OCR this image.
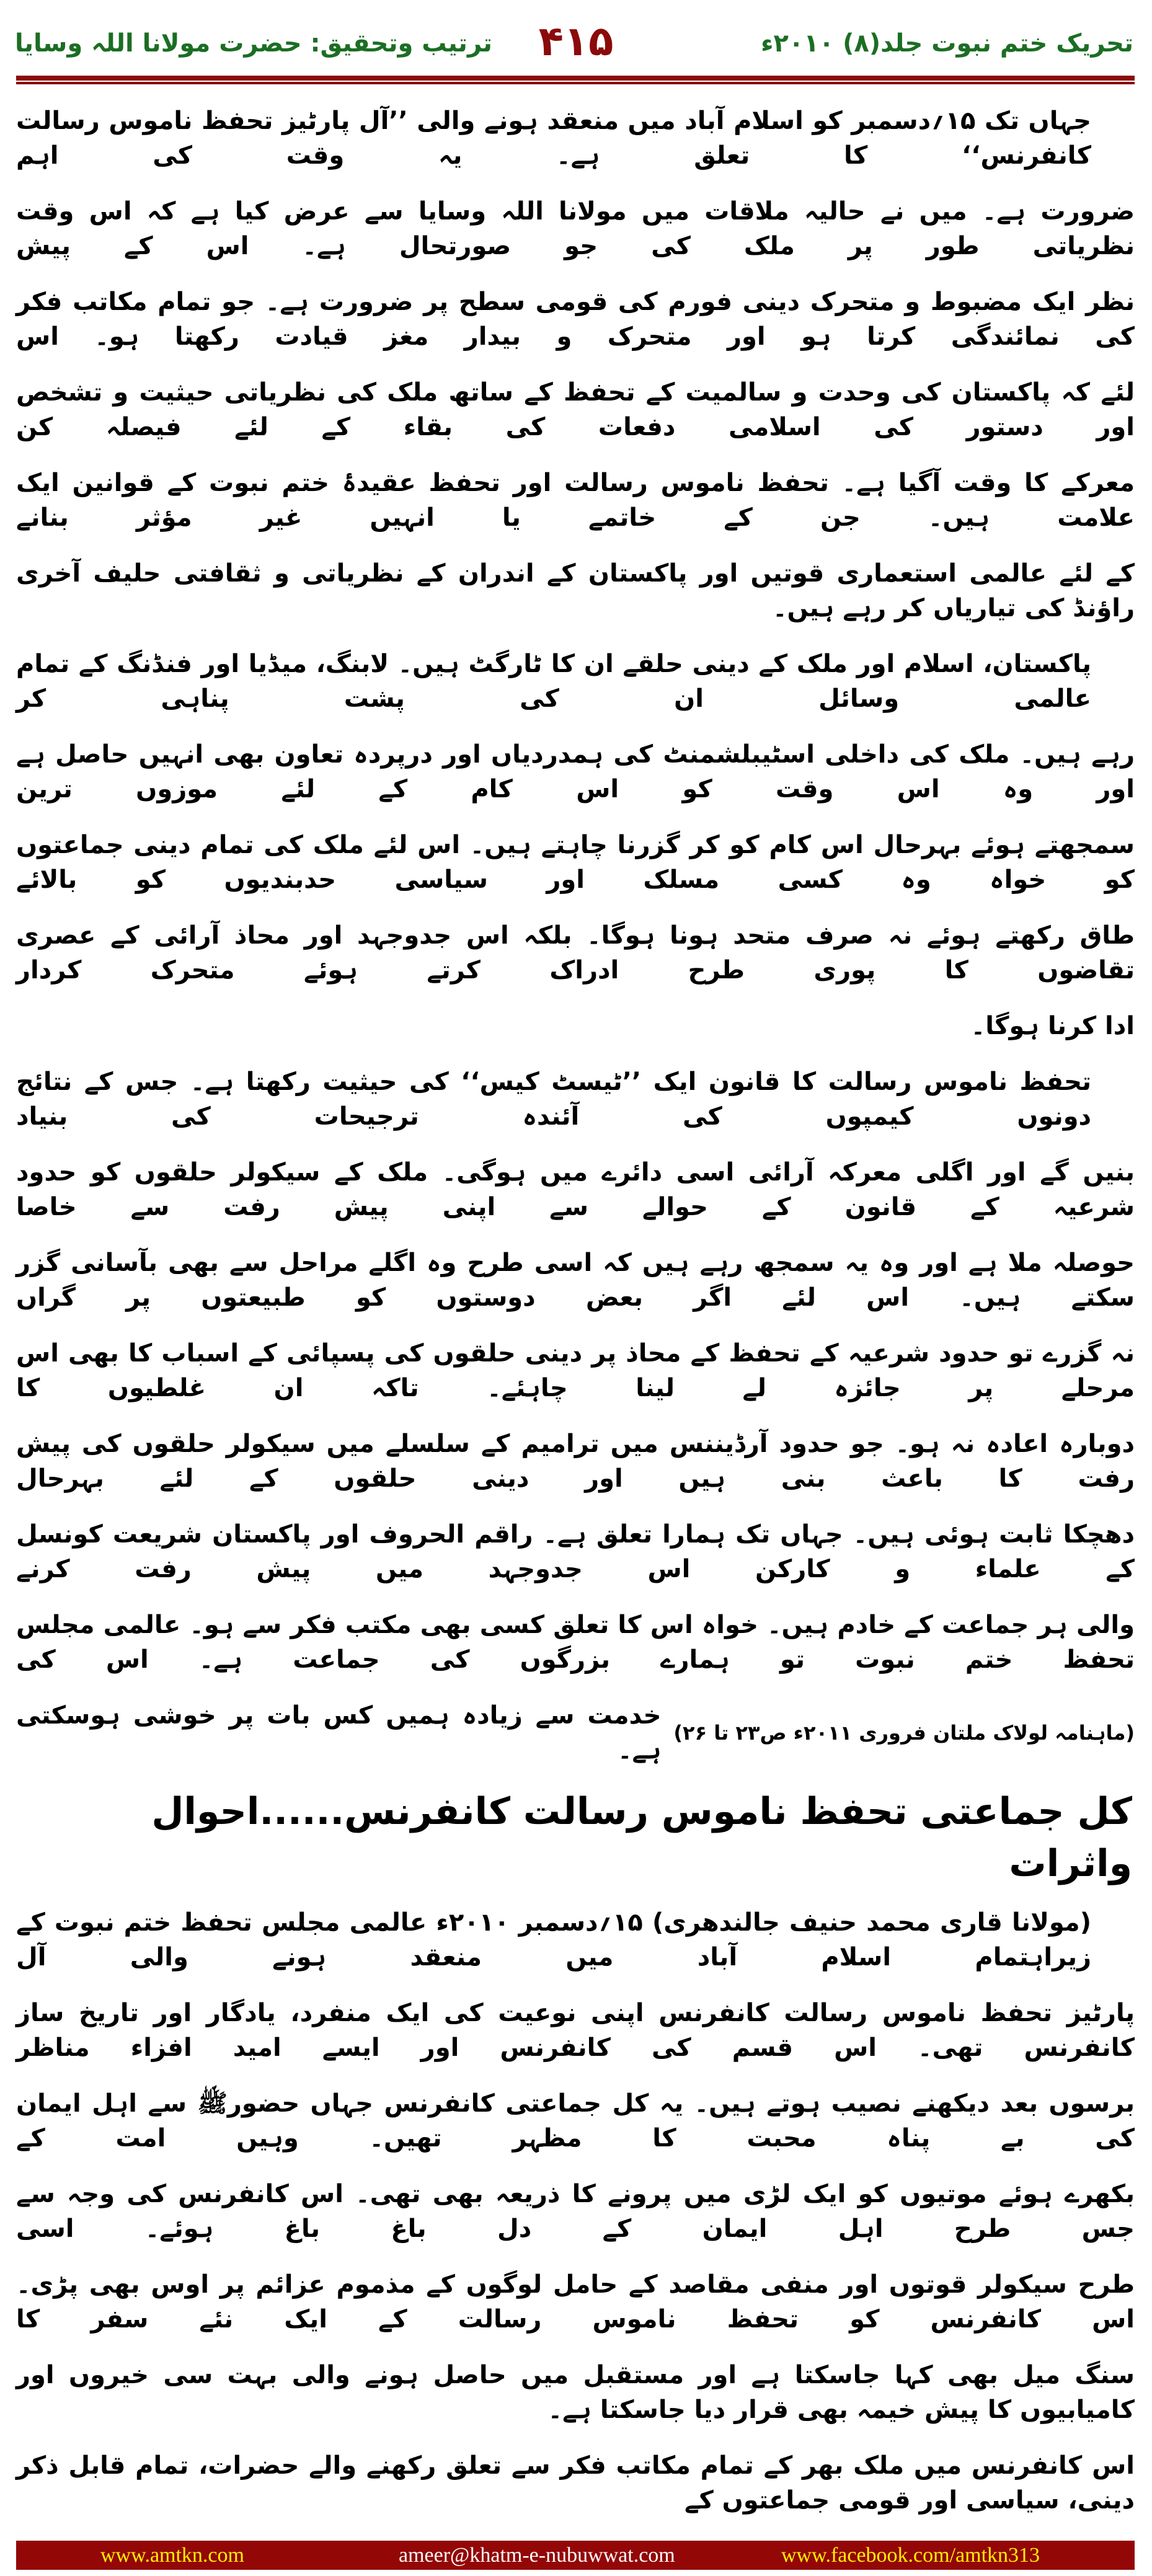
تحریک ختم نبوت جلد(۸) ۲۰۱۰ء
۴۱۵
ترتیب وتحقیق: حضرت مولانا اللہ وسایا
جہاں تک ۱۵؍دسمبر کو اسلام آباد میں منعقد ہونے والی ’’آل پارٹیز تحفظ ناموس رسالت کانفرنس‘‘ کا تعلق ہے۔ یہ وقت کی اہم
ضرورت ہے۔ میں نے حالیہ ملاقات میں مولانا اللہ وسایا سے عرض کیا ہے کہ اس وقت نظریاتی طور پر ملک کی جو صورتحال ہے۔ اس کے پیش
نظر ایک مضبوط و متحرک دینی فورم کی قومی سطح پر ضرورت ہے۔ جو تمام مکاتب فکر کی نمائندگی کرتا ہو اور متحرک و بیدار مغز قیادت رکھتا ہو۔ اس
لئے کہ پاکستان کی وحدت و سالمیت کے تحفظ کے ساتھ ملک کی نظریاتی حیثیت و تشخص اور دستور کی اسلامی دفعات کی بقاء کے لئے فیصلہ کن
معرکے کا وقت آگیا ہے۔ تحفظ ناموس رسالت اور تحفظ عقیدۂ ختم نبوت کے قوانین ایک علامت ہیں۔ جن کے خاتمے یا انہیں غیر مؤثر بنانے
کے لئے عالمی استعماری قوتیں اور پاکستان کے اندران کے نظریاتی و ثقافتی حلیف آخری راؤنڈ کی تیاریاں کر رہے ہیں۔
پاکستان، اسلام اور ملک کے دینی حلقے ان کا ٹارگٹ ہیں۔ لابنگ، میڈیا اور فنڈنگ کے تمام عالمی وسائل ان کی پشت پناہی کر
رہے ہیں۔ ملک کی داخلی اسٹیبلشمنٹ کی ہمدردیاں اور درپردہ تعاون بھی انہیں حاصل ہے اور وہ اس وقت کو اس کام کے لئے موزوں ترین
سمجھتے ہوئے بہرحال اس کام کو کر گزرنا چاہتے ہیں۔ اس لئے ملک کی تمام دینی جماعتوں کو خواہ وہ کسی مسلک اور سیاسی حدبندیوں کو بالائے
طاق رکھتے ہوئے نہ صرف متحد ہونا ہوگا۔ بلکہ اس جدوجہد اور محاذ آرائی کے عصری تقاضوں کا پوری طرح ادراک کرتے ہوئے متحرک کردار
ادا کرنا ہوگا۔
تحفظ ناموس رسالت کا قانون ایک ’’ٹیسٹ کیس‘‘ کی حیثیت رکھتا ہے۔ جس کے نتائج دونوں کیمپوں کی آئندہ ترجیحات کی بنیاد
بنیں گے اور اگلی معرکہ آرائی اسی دائرے میں ہوگی۔ ملک کے سیکولر حلقوں کو حدود شرعیہ کے قانون کے حوالے سے اپنی پیش رفت سے خاصا
حوصلہ ملا ہے اور وہ یہ سمجھ رہے ہیں کہ اسی طرح وہ اگلے مراحل سے بھی بآسانی گزر سکتے ہیں۔ اس لئے اگر بعض دوستوں کو طبیعتوں پر گراں
نہ گزرے تو حدود شرعیہ کے تحفظ کے محاذ پر دینی حلقوں کی پسپائی کے اسباب کا بھی اس مرحلے پر جائزہ لے لینا چاہئے۔ تاکہ ان غلطیوں کا
دوبارہ اعادہ نہ ہو۔ جو حدود آرڈیننس میں ترامیم کے سلسلے میں سیکولر حلقوں کی پیش رفت کا باعث بنی ہیں اور دینی حلقوں کے لئے بہرحال
دھچکا ثابت ہوئی ہیں۔ جہاں تک ہمارا تعلق ہے۔ راقم الحروف اور پاکستان شریعت کونسل کے علماء و کارکن اس جدوجہد میں پیش رفت کرنے
والی ہر جماعت کے خادم ہیں۔ خواہ اس کا تعلق کسی بھی مکتب فکر سے ہو۔ عالمی مجلس تحفظ ختم نبوت تو ہمارے بزرگوں کی جماعت ہے۔ اس کی
خدمت سے زیادہ ہمیں کس بات پر خوشی ہوسکتی ہے۔
(ماہنامہ لولاک ملتان فروری ۲۰۱۱ء ص۲۳ تا ۲۶)
کل جماعتی تحفظ ناموس رسالت کانفرنس......احوال واثرات
(مولانا قاری محمد حنیف جالندھری) ۱۵؍دسمبر ۲۰۱۰ء عالمی مجلس تحفظ ختم نبوت کے زیراہتمام اسلام آباد میں منعقد ہونے والی آل
پارٹیز تحفظ ناموس رسالت کانفرنس اپنی نوعیت کی ایک منفرد، یادگار اور تاریخ ساز کانفرنس تھی۔ اس قسم کی کانفرنس اور ایسے امید افزاء مناظر
برسوں بعد دیکھنے نصیب ہوتے ہیں۔ یہ کل جماعتی کانفرنس جہاں حضورﷺ سے اہل ایمان کی بے پناہ محبت کا مظہر تھیں۔ وہیں امت کے
بکھرے ہوئے موتیوں کو ایک لڑی میں پرونے کا ذریعہ بھی تھی۔ اس کانفرنس کی وجہ سے جس طرح اہل ایمان کے دل باغ باغ ہوئے۔ اسی
طرح سیکولر قوتوں اور منفی مقاصد کے حامل لوگوں کے مذموم عزائم پر اوس بھی پڑی۔ اس کانفرنس کو تحفظ ناموس رسالت کے ایک نئے سفر کا
سنگ میل بھی کہا جاسکتا ہے اور مستقبل میں حاصل ہونے والی بہت سی خیروں اور کامیابیوں کا پیش خیمہ بھی قرار دیا جاسکتا ہے۔
اس کانفرنس میں ملک بھر کے تمام مکاتب فکر سے تعلق رکھنے والے حضرات، تمام قابل ذکر دینی، سیاسی اور قومی جماعتوں کے
www.amtkn.com	ameer@khatm-e-nubuwwat.com	www.facebook.com/amtkn313
